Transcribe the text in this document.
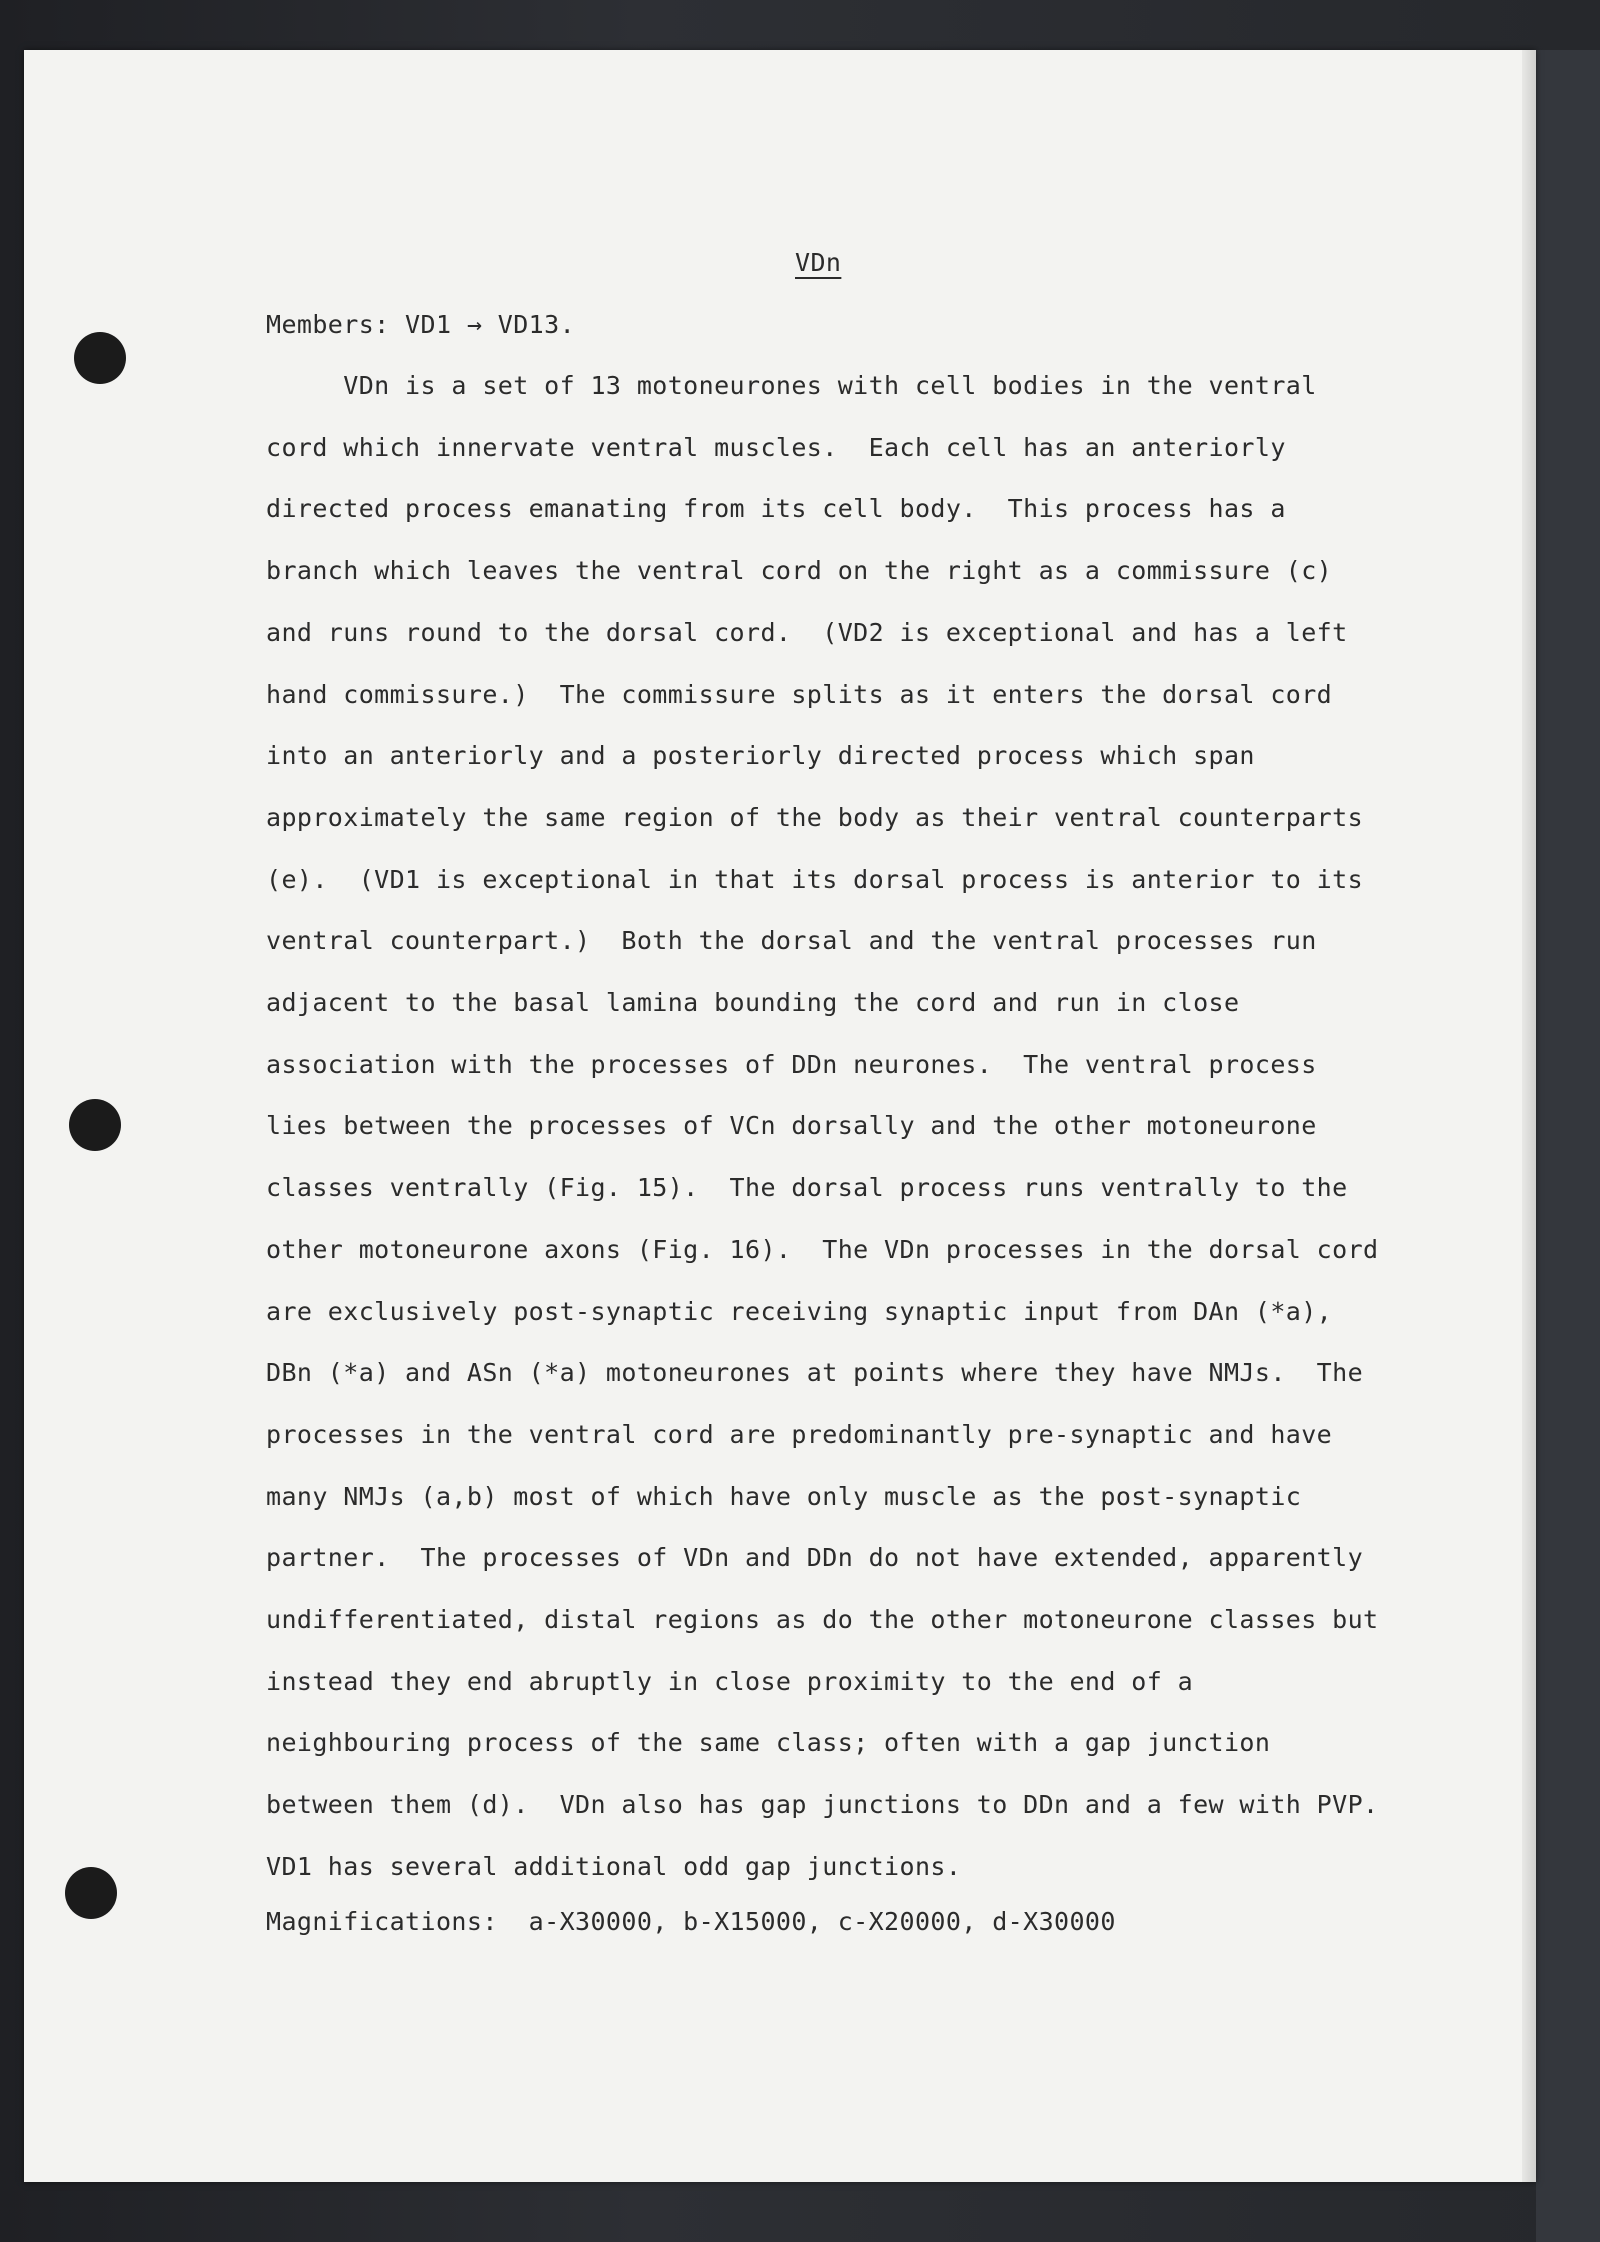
VDn
Members: VD1 → VD13.
VDn is a set of 13 motoneurones with cell bodies in the ventral
cord which innervate ventral muscles.  Each cell has an anteriorly
directed process emanating from its cell body.  This process has a
branch which leaves the ventral cord on the right as a commissure (c)
and runs round to the dorsal cord.  (VD2 is exceptional and has a left
hand commissure.)  The commissure splits as it enters the dorsal cord
into an anteriorly and a posteriorly directed process which span
approximately the same region of the body as their ventral counterparts
(e).  (VD1 is exceptional in that its dorsal process is anterior to its
ventral counterpart.)  Both the dorsal and the ventral processes run
adjacent to the basal lamina bounding the cord and run in close
association with the processes of DDn neurones.  The ventral process
lies between the processes of VCn dorsally and the other motoneurone
classes ventrally (Fig. 15).  The dorsal process runs ventrally to the
other motoneurone axons (Fig. 16).  The VDn processes in the dorsal cord
are exclusively post-synaptic receiving synaptic input from DAn (*a),
DBn (*a) and ASn (*a) motoneurones at points where they have NMJs.  The
processes in the ventral cord are predominantly pre-synaptic and have
many NMJs (a,b) most of which have only muscle as the post-synaptic
partner.  The processes of VDn and DDn do not have extended, apparently
undifferentiated, distal regions as do the other motoneurone classes but
instead they end abruptly in close proximity to the end of a
neighbouring process of the same class; often with a gap junction
between them (d).  VDn also has gap junctions to DDn and a few with PVP.
VD1 has several additional odd gap junctions.
Magnifications:  a-X30000, b-X15000, c-X20000, d-X30000
